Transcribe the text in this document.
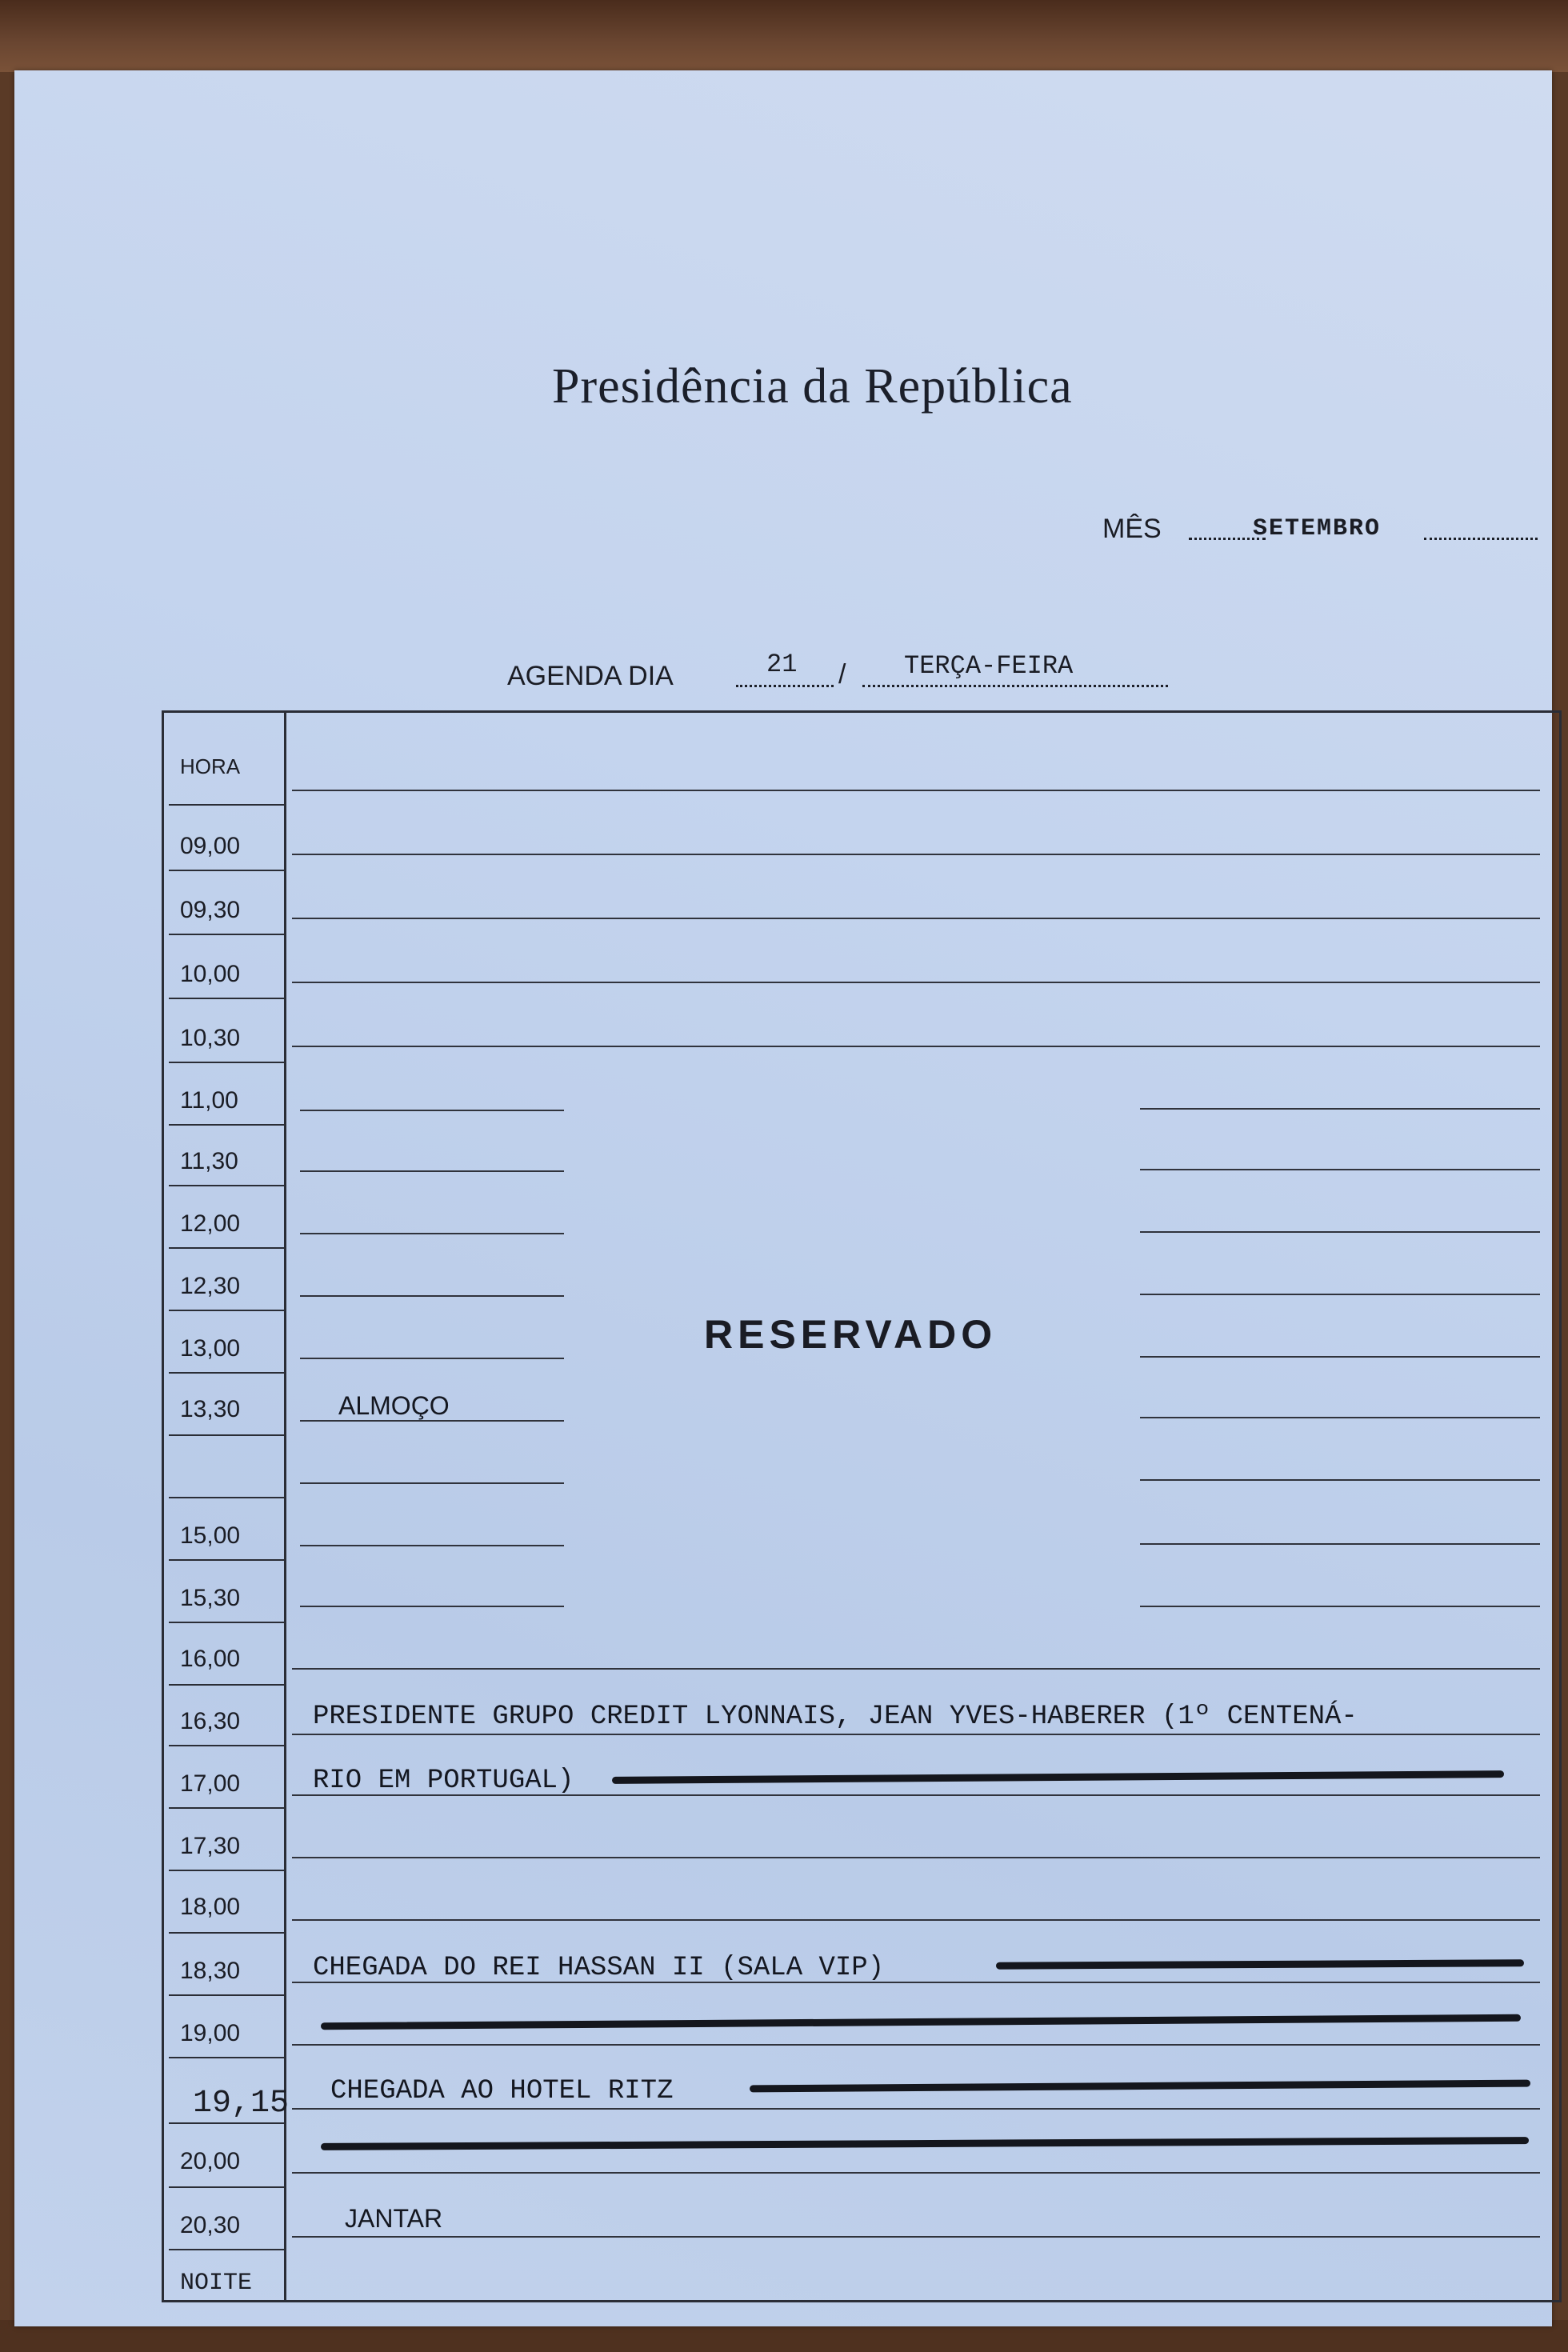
Presidência da República
MÊS	SETEMBRO
AGENDA DIA	21 / TERÇA-FEIRA
HORA
09,00
09,30
10,00
10,30
11,00
11,30
12,00
12,30
13,00
13,30
15,00
15,30
16,00
16,30
17,00
17,30
18,00
18,30
19,00
19,15
20,00
20,30
NOITE
RESERVADO
ALMOÇO
PRESIDENTE GRUPO CREDIT LYONNAIS, JEAN YVES-HABERER (1º CENTENÁ-
RIO EM PORTUGAL)
CHEGADA DO REI HASSAN II (SALA VIP)
CHEGADA AO HOTEL RITZ
JANTAR
